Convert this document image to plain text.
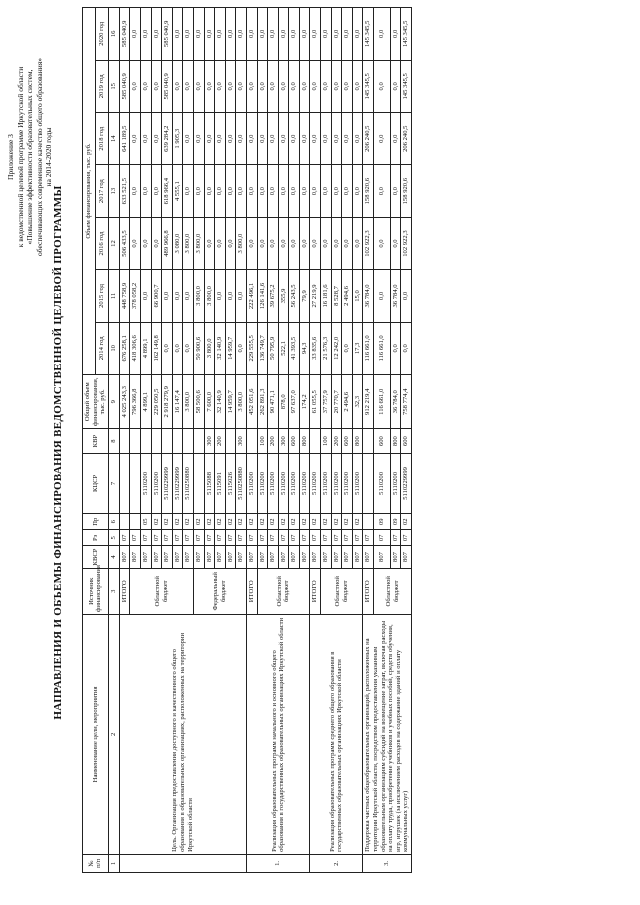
Приложение 3 к ведомственной целевой программе Иркутской области «Повышение эффективности образовательных систем, обеспечивающих современное качество общего образования» на 2014-2020 годы
НАПРАВЛЕНИЯ И ОБЪЕМЫ ФИНАНСИРОВАНИЯ ВЕДОМСТВЕННОЙ ЦЕЛЕВОЙ ПРОГРАММЫ
№ п/п	Наименование цели, мероприятия	Источник финансирования	КВСР	Рз	Пр	КЦСР	КВР	Общий объем финансирования, тыс. руб.	Объем финансирования, тыс. руб.						
									2014 год	2015 год	2016 год	2017 год	2018 год	2019 год	2020 год
1	2	3	4	5	6	7	8	9	10	11	12	13	14	15	16
	Цель. Организация предоставления доступного и качественного общего образования в образовательных организациях, расположенных на территории Иркутской области	ИТОГО	807	07				4 025 243,3	676 258,1	448 758,9	506 433,5	633 521,5	641 189,5	585 040,9	585 040,9
		Областной бюджет	807	07				796 366,8	418 306,6	378 058,2	0,0	0,0	0,0	0,0	0,0
			807	07	05	5110200		4 899,1	4 899,1	0,0	0,0	0,0	0,0	0,0	0,0
			807	07	02	5110200		229 050,5	162 149,8	66 900,7	0,0	0,0	0,0	0,0	0,0
			807	07	02	5110229999		2 918 279,9	0,0	0,0	489 966,8	618 966,4	639 284,2	585 040,9	585 040,9
			807	07	02	5110229999		16 147,4	0,0	0,0	3 080,0	4 555,1	1 905,3	0,0	0,0
			807	07	02	5110250880		3 800,0	0,0	0,0	3 800,0	0,0	0,0	0,0	0,0
		Федеральный бюджет	807	07	02			58 500,6	50 900,6	3 800,0	3 800,0	0,0	0,0	0,0	0,0
			807	07	02	5115088	300	7 600,0	3 800,0	3 800,0	0,0	0,0	0,0	0,0	0,0
			807	07	02	5115091	200	32 140,9	32 140,9	0,0	0,0	0,0	0,0	0,0	0,0
			807	07	02	5115026		14 959,7	14 959,7	0,0	0,0	0,0	0,0	0,0	0,0
			807	07	02	5110250880	300	3 800,0	0,0	0,0	3 800,0	0,0	0,0	0,0	0,0
1.	Реализация образовательных программ начального и основного общего образования в государственных образовательных организациях Иркутской области	ИТОГО	807	07	02	5110200		452 051,6	229 555,5	222 496,1	0,0	0,0	0,0	0,0	0,0
		Областной бюджет	807	07	02	5110200	100	262 891,3	136 749,7	126 141,6	0,0	0,0	0,0	0,0	0,0
			807	07	02	5110200	200	90 471,1	50 795,9	39 675,2	0,0	0,0	0,0	0,0	0,0
			807	07	02	5110200	300	878,0	522,1	355,9	0,0	0,0	0,0	0,0	0,0
			807	07	02	5110200	600	97 637,0	41 393,5	56 243,5	0,0	0,0	0,0	0,0	0,0
			807	07	02	5110200	800	174,2	94,3	79,9	0,0	0,0	0,0	0,0	0,0
2.	Реализация образовательных программ среднего общего образования в государственных образовательных организациях Иркутской области	ИТОГО	807	07	02	5110200		61 055,5	33 835,6	27 219,9	0,0	0,0	0,0	0,0	0,0
		Областной бюджет	807	07	02	5110200	100	37 757,9	21 576,3	16 181,6	0,0	0,0	0,0	0,0	0,0
			807	07	02	5110200	200	20 770,7	12 242,0	8 528,7	0,0	0,0	0,0	0,0	0,0
			807	07	02	5110200	600	2 494,6	0,0	2 494,6	0,0	0,0	0,0	0,0	0,0
			807	07	02	5110200	800	32,3	17,3	15,0	0,0	0,0	0,0	0,0	0,0
3.	Поддержка частных общеобразовательных организаций, расположенных на территории Иркутской области, посредством предоставления указанным образовательным организациям субсидий на возмещение затрат, включая расходы на оплату труда, приобретение учебников и учебных пособий, средств обучения, игр, игрушек (за исключением расходов на содержание зданий и оплату коммунальных услуг)	ИТОГО	807	07				912 219,4	116 661,0	36 784,0	102 922,3	158 920,6	206 240,5	145 345,5	145 345,5
		Областной бюджет	807	07	09	5110200	600	116 661,0	116 661,0	0,0	0,0	0,0	0,0	0,0	0,0
			807	07	09	5110200	800	36 784,0	0,0	36 784,0	0,0	0,0	0,0	0,0	0,0
			807	07	02	5110229999	600	758 774,4	0,0	0,0	102 922,3	158 920,6	206 240,5	145 345,5	145 345,5
